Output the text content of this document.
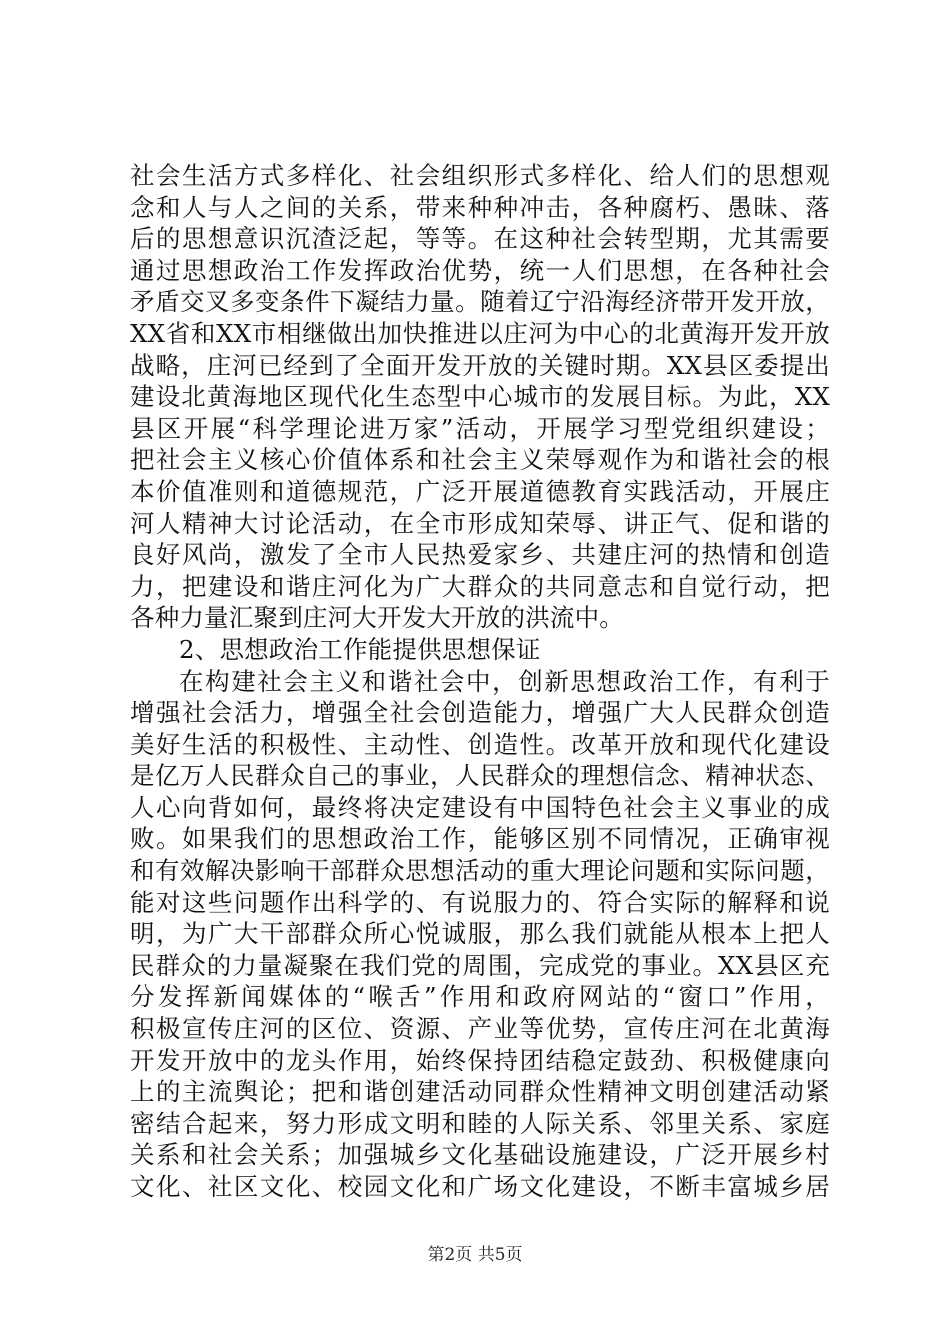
社会生活方式多样化、社会组织形式多样化、给人们的思想观
念和人与人之间的关系，带来种种冲击，各种腐朽、愚昧、落
后的思想意识沉渣泛起，等等。在这种社会转型期，尤其需要
通过思想政治工作发挥政治优势，统一人们思想，在各种社会
矛盾交叉多变条件下凝结力量。随着辽宁沿海经济带开发开放，
XX省和XX市相继做出加快推进以庄河为中心的北黄海开发开放
战略，庄河已经到了全面开发开放的关键时期。XX县区委提出
建设北黄海地区现代化生态型中心城市的发展目标。为此，XX
县区开展“科学理论进万家”活动，开展学习型党组织建设；
把社会主义核心价值体系和社会主义荣辱观作为和谐社会的根
本价值准则和道德规范，广泛开展道德教育实践活动，开展庄
河人精神大讨论活动，在全市形成知荣辱、讲正气、促和谐的
良好风尚，激发了全市人民热爱家乡、共建庄河的热情和创造
力，把建设和谐庄河化为广大群众的共同意志和自觉行动，把
各种力量汇聚到庄河大开发大开放的洪流中。
2、思想政治工作能提供思想保证
在构建社会主义和谐社会中，创新思想政治工作，有利于
增强社会活力，增强全社会创造能力，增强广大人民群众创造
美好生活的积极性、主动性、创造性。改革开放和现代化建设
是亿万人民群众自己的事业，人民群众的理想信念、精神状态、
人心向背如何，最终将决定建设有中国特色社会主义事业的成
败。如果我们的思想政治工作，能够区别不同情况，正确审视
和有效解决影响干部群众思想活动的重大理论问题和实际问题，
能对这些问题作出科学的、有说服力的、符合实际的解释和说
明，为广大干部群众所心悦诚服，那么我们就能从根本上把人
民群众的力量凝聚在我们党的周围，完成党的事业。XX县区充
分发挥新闻媒体的“喉舌”作用和政府网站的“窗口”作用，
积极宣传庄河的区位、资源、产业等优势，宣传庄河在北黄海
开发开放中的龙头作用，始终保持团结稳定鼓劲、积极健康向
上的主流舆论；把和谐创建活动同群众性精神文明创建活动紧
密结合起来，努力形成文明和睦的人际关系、邻里关系、家庭
关系和社会关系；加强城乡文化基础设施建设，广泛开展乡村
文化、社区文化、校园文化和广场文化建设，不断丰富城乡居
第2页 共5页
